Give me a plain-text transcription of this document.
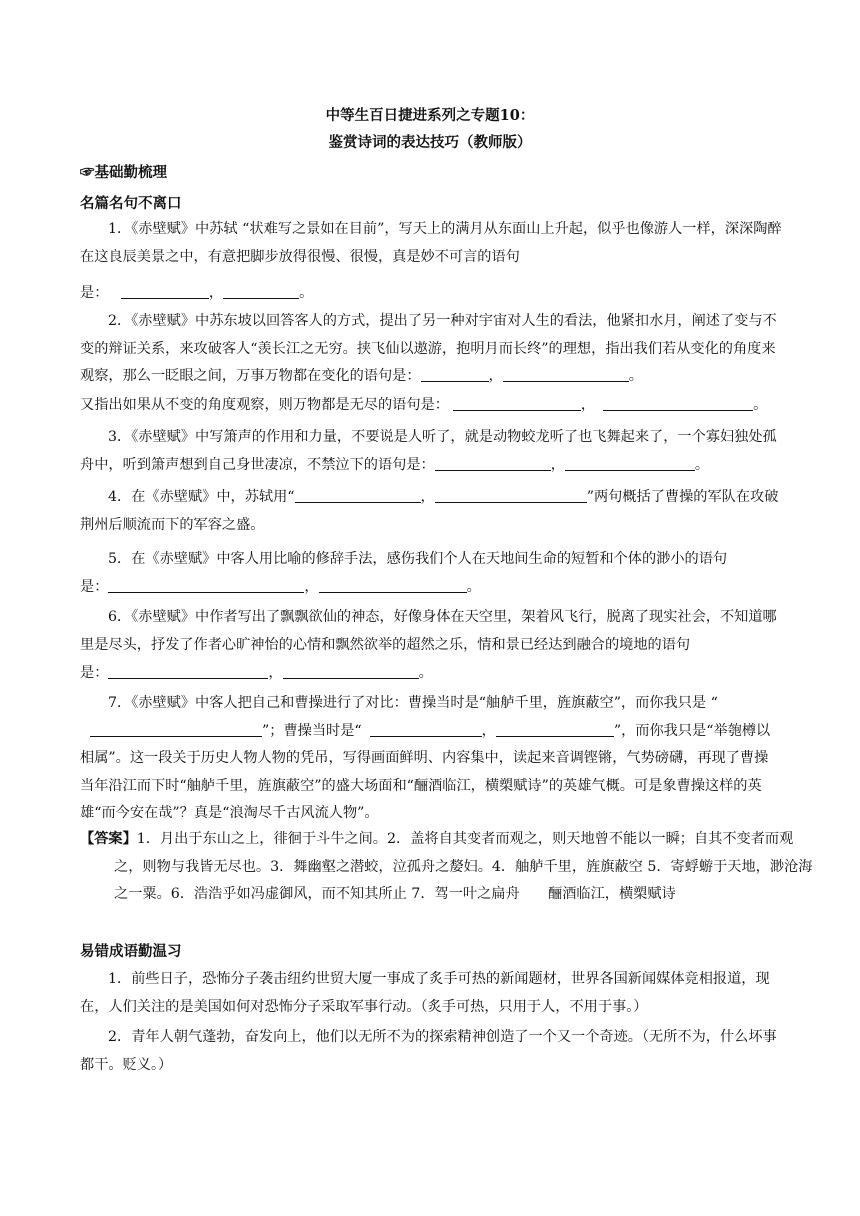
中等生百日捷进系列之专题10：
鉴赏诗词的表达技巧（教师版）
☞基础勤梳理
名篇名句不离口
1．《赤壁赋》中苏轼 “状难写之景如在目前”，写天上的满月从东面山上升起，似乎也像游人一样，深深陶醉在这良辰美景之中，有意把脚步放得很慢、很慢，真是妙不可言的语句
是：	，	。
2．《赤壁赋》中苏东坡以回答客人的方式，提出了另一种对宇宙对人生的看法，他紧扣水月，阐述了变与不变的辩证关系，来攻破客人“羡长江之无穷。挟飞仙以遨游，抱明月而长终”的理想，指出我们若从变化的角度来观察，那么一眨眼之间，万事万物都在变化的语句是：	，	。
又指出如果从不变的角度观察，则万物都是无尽的语句是：	，	。
3．《赤壁赋》中写箫声的作用和力量，不要说是人听了，就是动物蛟龙听了也飞舞起来了，一个寡妇独处孤舟中，听到箫声想到自己身世凄凉，不禁泣下的语句是：	，	。
4．在《赤壁赋》中，苏轼用“	，	”两句概括了曹操的军队在攻破荆州后顺流而下的军容之盛。
5．在《赤壁赋》中客人用比喻的修辞手法，感伤我们个人在天地间生命的短暂和个体的渺小的语句
是：	，	。
6．《赤壁赋》中作者写出了飘飘欲仙的神态，好像身体在天空里，架着风飞行，脱离了现实社会，不知道哪里是尽头，抒发了作者心旷神怡的心情和飘然欲举的超然之乐，情和景已经达到融合的境地的语句
是：	，	。
7．《赤壁赋》中客人把自己和曹操进行了对比：曹操当时是“舳舻千里，旌旗蔽空”，而你我只是 “”；曹操当时是“	，	”，而你我只是“举匏樽以相属”。这一段关于历史人物人物的凭吊，写得画面鲜明、内容集中，读起来音调铿锵，气势磅礴，再现了曹操当年沿江而下时“舳舻千里，旌旗蔽空”的盛大场面和“酾酒临江，横槊赋诗”的英雄气概。可是象曹操这样的英雄“而今安在哉”？真是“浪淘尽千古风流人物”。
【答案】1．月出于东山之上，徘徊于斗牛之间。2．盖将自其变者而观之，则天地曾不能以一瞬；自其不变者而观之，则物与我皆无尽也。3．舞幽壑之潜蛟，泣孤舟之嫠妇。4．舳舻千里，旌旗蔽空 5．寄蜉蝣于天地，渺沧海之一粟。6．浩浩乎如冯虚御风，而不知其所止 7．驾一叶之扁舟　　酾酒临江，横槊赋诗
易错成语勤温习
1．前些日子，恐怖分子袭击纽约世贸大厦一事成了炙手可热的新闻题材，世界各国新闻媒体竞相报道，现在，人们关注的是美国如何对恐怖分子采取军事行动。（炙手可热，只用于人，不用于事。）
2．青年人朝气蓬勃，奋发向上，他们以无所不为的探索精神创造了一个又一个奇迹。（无所不为，什么坏事都干。贬义。）
